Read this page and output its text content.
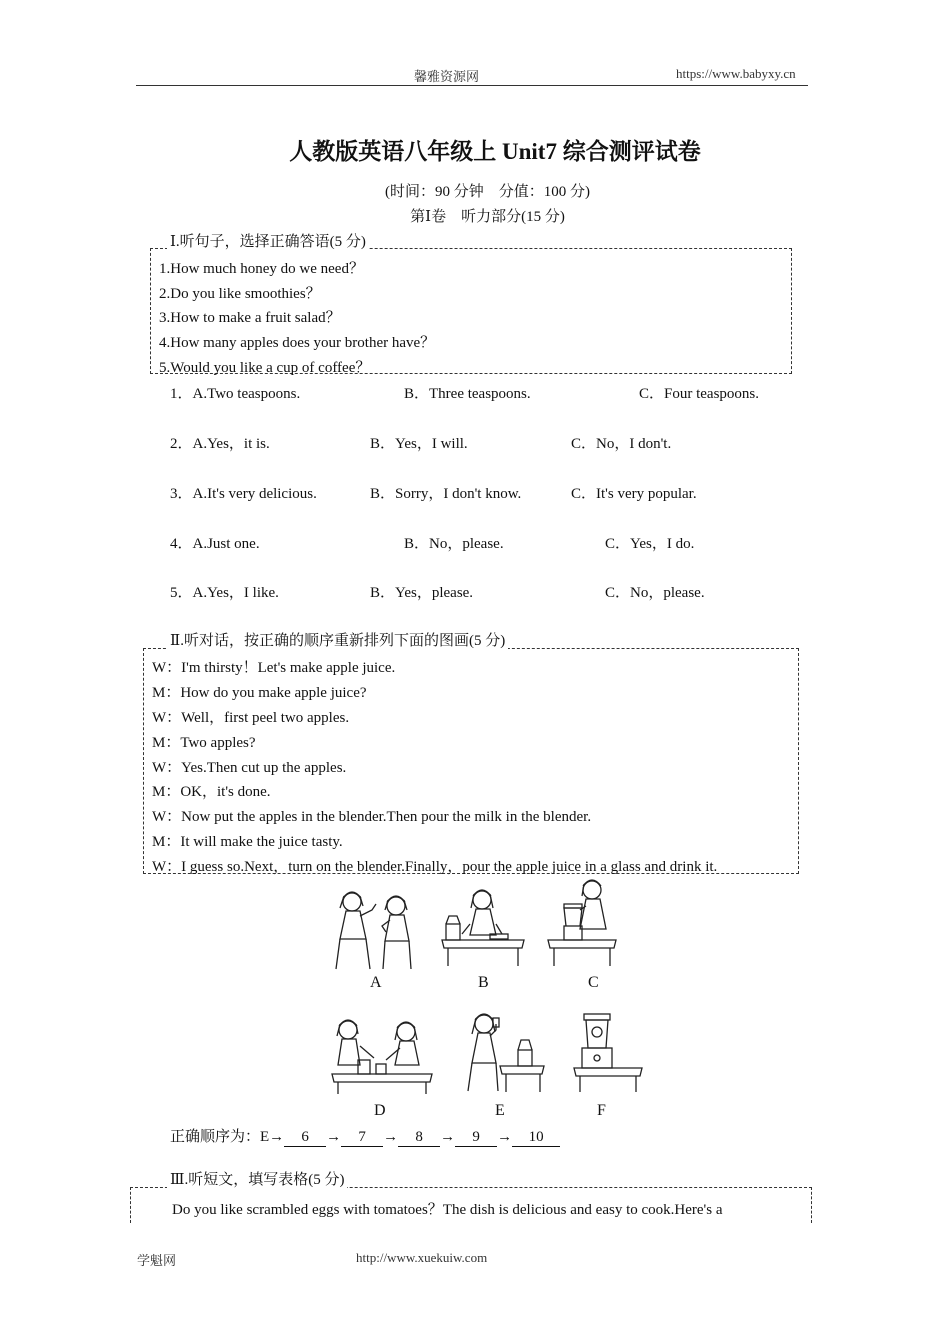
馨雅资源网	https://www.babyxy.cn
人教版英语八年级上 Unit7 综合测评试卷
(时间：90 分钟　分值：100 分)
第Ⅰ卷　听力部分(15 分)
Ⅰ.听句子，选择正确答语(5 分)
1.How much honey do we need？
2.Do you like smoothies？
3.How to make a fruit salad？
4.How many apples does your brother have？
5.Would you like a cup of coffee？
1．A.Two teaspoons.	B．Three teaspoons.	C．Four teaspoons.
2．A.Yes，it is.	B．Yes，I will.	C．No，I don't.
3．A.It's very delicious.	B．Sorry，I don't know.	C．It's very popular.
4．A.Just one.	B．No，please.	C．Yes，I do.
5．A.Yes，I like.	B．Yes，please.	C．No，please.
Ⅱ.听对话，按正确的顺序重新排列下面的图画(5 分)
W：I'm thirsty！Let's make apple juice.
M：How do you make apple juice?
W：Well，first peel two apples.
M：Two apples?
W：Yes.Then cut up the apples.
M：OK，it's done.
W：Now put the apples in the blender.Then pour the milk in the blender.
M：It will make the juice tasty.
W：I guess so.Next，turn on the blender.Finally，pour the apple juice in a glass and drink it.
A	B	C
D	E	F
正确顺序为：E→ 6 → 7 → 8 → 9 → 10
Ⅲ.听短文，填写表格(5 分)
Do you like scrambled eggs with tomatoes？The dish is delicious and easy to cook.Here's a
学魁网	http://www.xuekuiw.com
